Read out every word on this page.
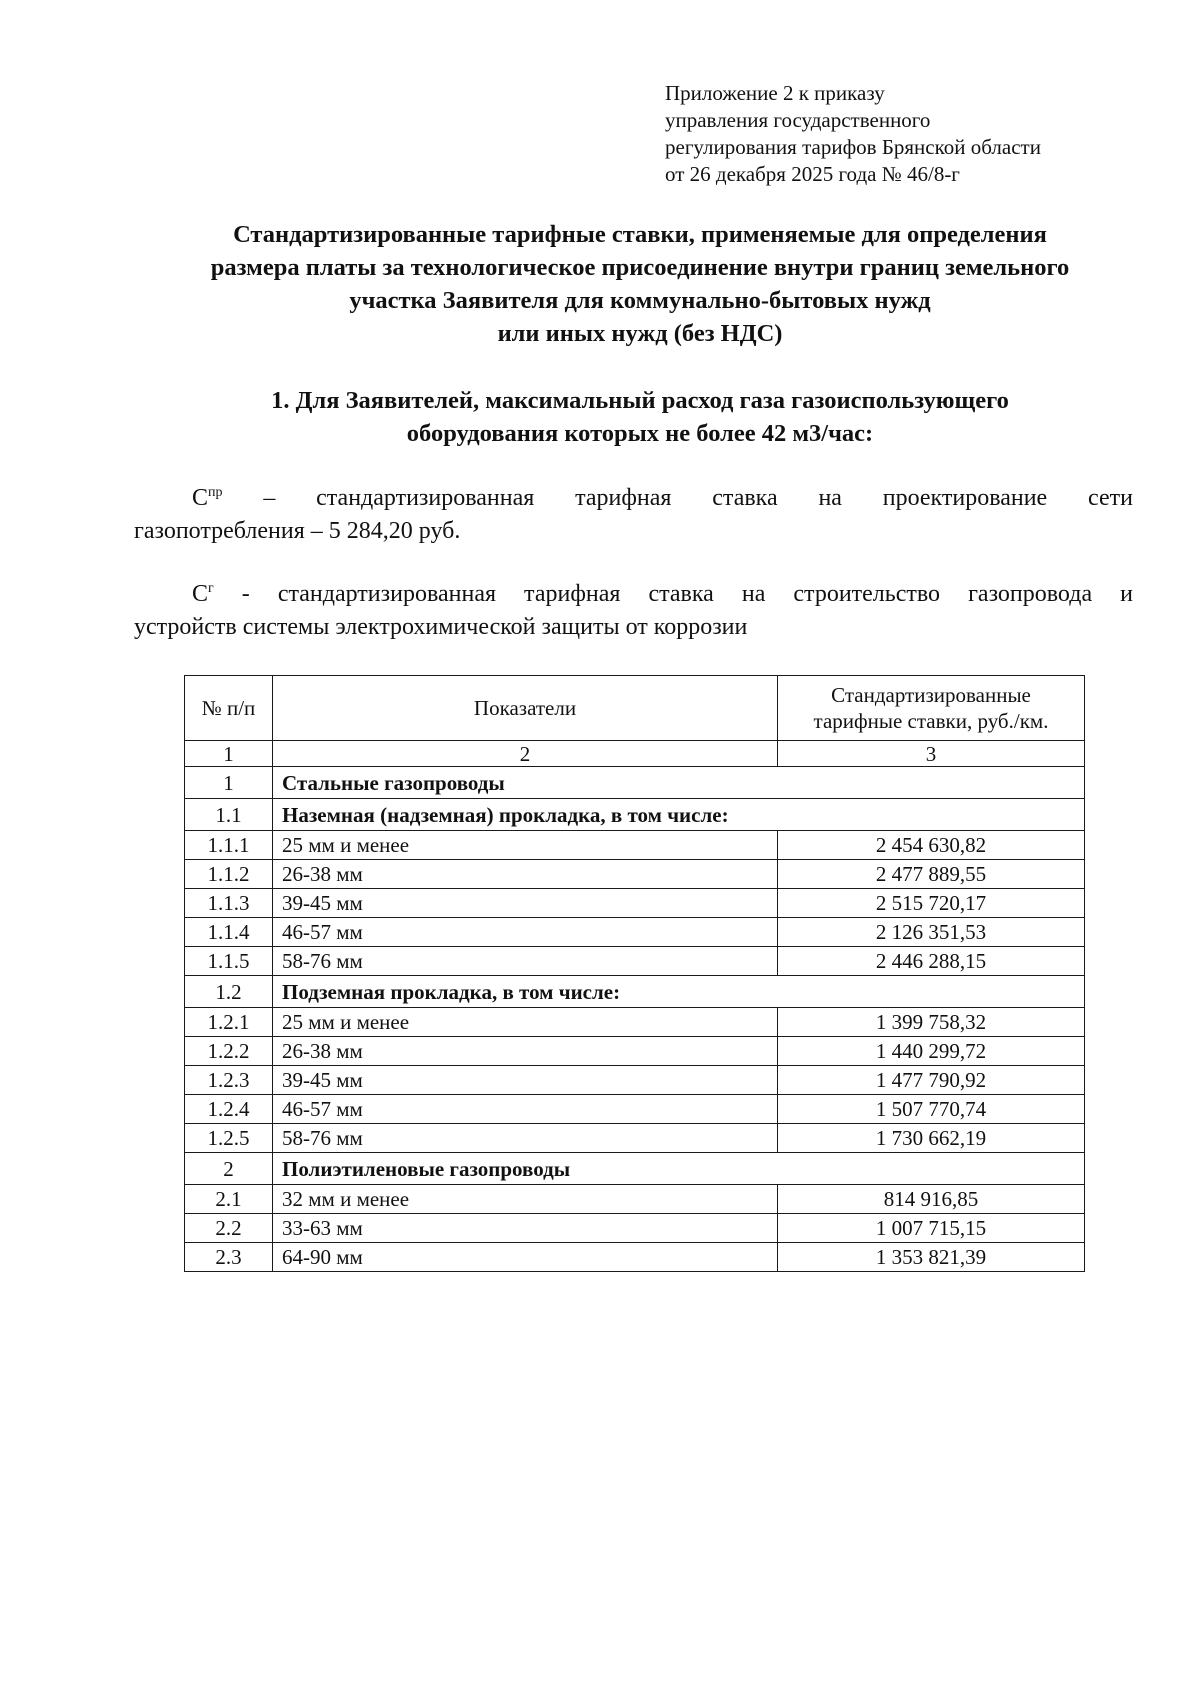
Приложение 2 к приказу
управления государственного
регулирования тарифов Брянской области
от 26 декабря 2025 года № 46/8-г
Стандартизированные тарифные ставки, применяемые для определения
размера платы за технологическое присоединение внутри границ земельного
участка Заявителя для коммунально-бытовых нужд
или иных нужд (без НДС)
1. Для Заявителей, максимальный расход газа газоиспользующего
оборудования которых не более 42 м3/час:
$С^{пр}$ – стандартизированная тарифная ставка на проектирование сети
газопотребления – 5 284,20 руб.
$С^г$ - стандартизированная тарифная ставка на строительство газопровода и
устройств системы электрохимической защиты от коррозии
№ п/п	Показатели	Стандартизированные
тарифные ставки, руб./км.

1	2	3
1	Стальные газопроводы	
1.1	Наземная (надземная) прокладка, в том числе:	
1.1.1	25 мм и менее	2 454 630,82
1.1.2	26-38 мм	2 477 889,55
1.1.3	39-45 мм	2 515 720,17
1.1.4	46-57 мм	2 126 351,53
1.1.5	58-76 мм	2 446 288,15
1.2	Подземная прокладка, в том числе:	
1.2.1	25 мм и менее	1 399 758,32
1.2.2	26-38 мм	1 440 299,72
1.2.3	39-45 мм	1 477 790,92
1.2.4	46-57 мм	1 507 770,74
1.2.5	58-76 мм	1 730 662,19
2	Полиэтиленовые газопроводы	
2.1	32 мм и менее	814 916,85
2.2	33-63 мм	1 007 715,15
2.3	64-90 мм	1 353 821,39
